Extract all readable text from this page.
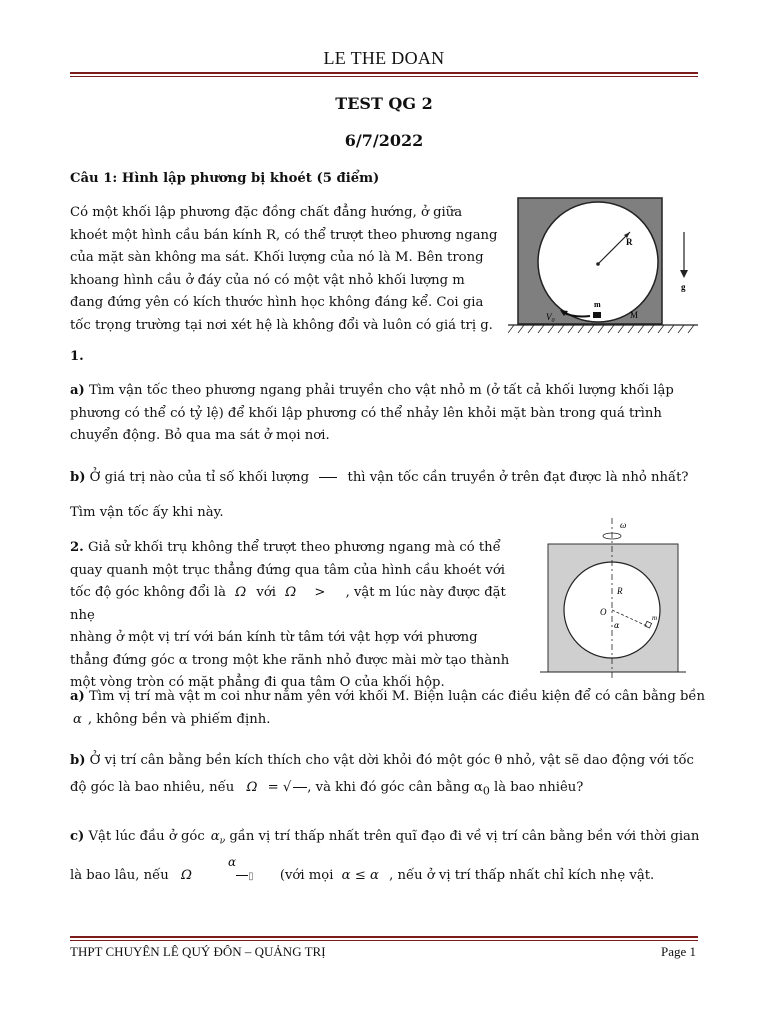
LE THE DOAN
TEST QG 2
6/7/2022
Câu 1: Hình lập phương bị khoét (5 điểm)
Có một khối lập phương đặc đồng chất đẳng hướng, ở giữa
khoét một hình cầu bán kính R, có thể trượt theo phương ngang
của mặt sàn không ma sát. Khối lượng của nó là M. Bên trong
khoang hình cầu ở đáy của nó có một vật nhỏ khối lượng m
đang đứng yên có kích thước hình học không đáng kể. Coi gia
tốc trọng trường tại nơi xét hệ là không đổi và luôn có giá trị g.
R
m
$V_0$
M
g
1.
a) Tìm vận tốc theo phương ngang phải truyền cho vật nhỏ m (ở tất cả khối lượng khối lập
phương có thể có tỷ lệ) để khối lập phương có thể nhảy lên khỏi mặt bàn trong quá trình
chuyển động. Bỏ qua ma sát ở mọi nơi.
b) Ở giá trị nào của tỉ số khối lượng	thì vận tốc cần truyền ở trên đạt được là nhỏ nhất?
Tìm vận tốc ấy khi này.
2. Giả sử khối trụ không thể trượt theo phương ngang mà có thể
quay quanh một trục thẳng đứng qua tâm của hình cầu khoét với
tốc độ góc không đổi là Ω với Ω > , vật m lúc này được đặt nhẹ
nhàng ở một vị trí với bán kính từ tâm tới vật hợp với phương
thẳng đứng góc α trong một khe rãnh nhỏ được mài mờ tạo thành
một vòng tròn có mặt phẳng đi qua tâm O của khối hộp.
ω
R
O
α
m
a) Tìm vị trí mà vật m coi như nằm yên với khối M. Biện luận các điều kiện để có cân bằng bền
α , không bền và phiếm định.
b) Ở vị trí cân bằng bền kích thích cho vật dời khỏi đó một góc θ nhỏ, vật sẽ dao động với tốc
độ góc là bao nhiêu, nếu Ω = √ , và khi đó góc cân bằng $\alpha_0$ là bao nhiêu?
c) Vật lúc đầu ở góc $\alpha_\nu$ gần vị trí thấp nhất trên quĩ đạo đi về vị trí cân bằng bền với thời gian
là bao lâu, nếu Ω
α
▯ (với mọi α ≤ α , nếu ở vị trí thấp nhất chỉ kích nhẹ vật.
THPT CHUYÊN LÊ QUÝ ĐÔN – QUẢNG TRỊ	Page 1
